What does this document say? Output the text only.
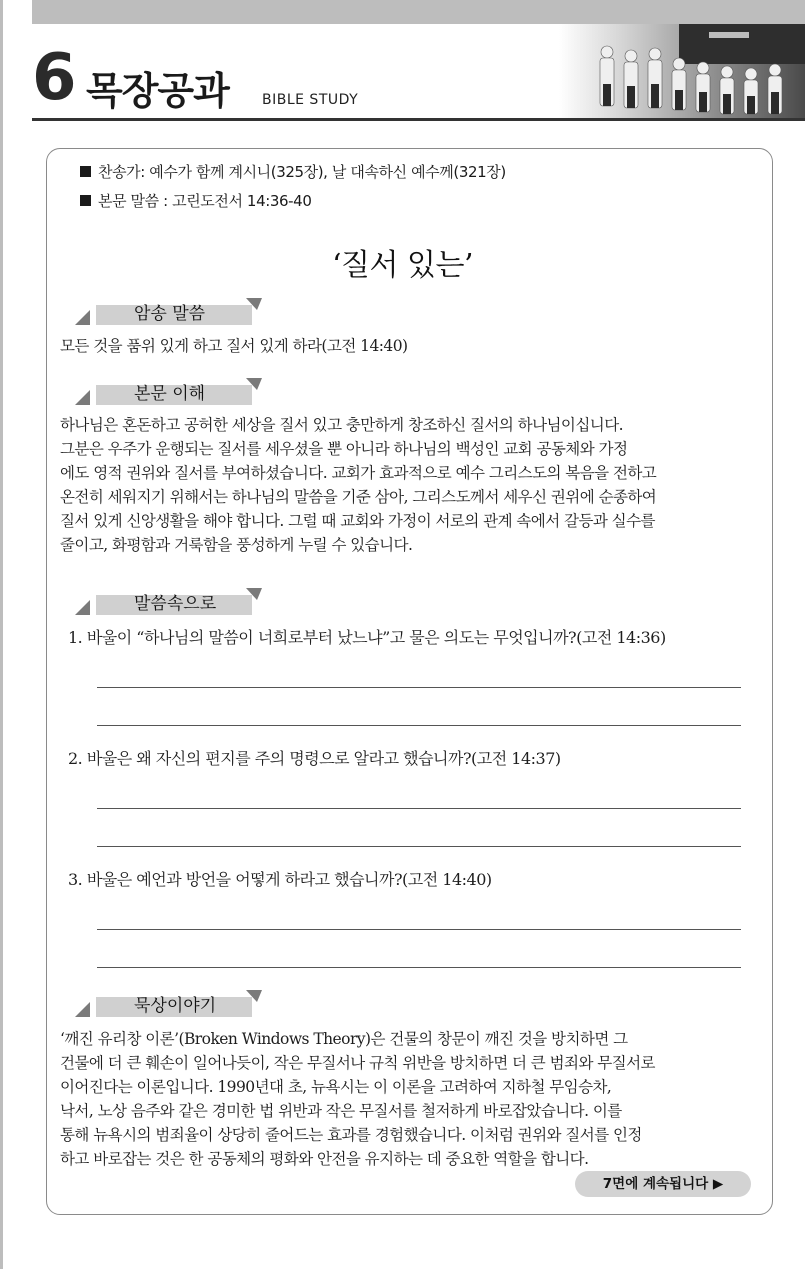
6 목장공과 BIBLE STUDY
찬송가: 예수가 함께 계시니(325장), 날 대속하신 예수께(321장)
본문 말씀 : 고린도전서 14:36-40
‘질서 있는’
암송 말씀
모든 것을 품위 있게 하고 질서 있게 하라(고전 14:40)
본문 이해
하나님은 혼돈하고 공허한 세상을 질서 있고 충만하게 창조하신 질서의 하나님이십니다.
그분은 우주가 운행되는 질서를 세우셨을 뿐 아니라 하나님의 백성인 교회 공동체와 가정
에도 영적 권위와 질서를 부여하셨습니다. 교회가 효과적으로 예수 그리스도의 복음을 전하고
온전히 세워지기 위해서는 하나님의 말씀을 기준 삼아, 그리스도께서 세우신 권위에 순종하여
질서 있게 신앙생활을 해야 합니다. 그럴 때 교회와 가정이 서로의 관계 속에서 갈등과 실수를
줄이고, 화평함과 거룩함을 풍성하게 누릴 수 있습니다.
말씀속으로
1. 바울이 “하나님의 말씀이 너희로부터 났느냐”고 물은 의도는 무엇입니까?(고전 14:36)
2. 바울은 왜 자신의 편지를 주의 명령으로 알라고 했습니까?(고전 14:37)
3. 바울은 예언과 방언을 어떻게 하라고 했습니까?(고전 14:40)
묵상이야기
‘깨진 유리창 이론’(Broken Windows Theory)은 건물의 창문이 깨진 것을 방치하면 그
건물에 더 큰 훼손이 일어나듯이, 작은 무질서나 규칙 위반을 방치하면 더 큰 범죄와 무질서로
이어진다는 이론입니다. 1990년대 초, 뉴욕시는 이 이론을 고려하여 지하철 무임승차,
낙서, 노상 음주와 같은 경미한 법 위반과 작은 무질서를 철저하게 바로잡았습니다. 이를
통해 뉴욕시의 범죄율이 상당히 줄어드는 효과를 경험했습니다. 이처럼 권위와 질서를 인정
하고 바로잡는 것은 한 공동체의 평화와 안전을 유지하는 데 중요한 역할을 합니다.
7면에 계속됩니다 ▶
